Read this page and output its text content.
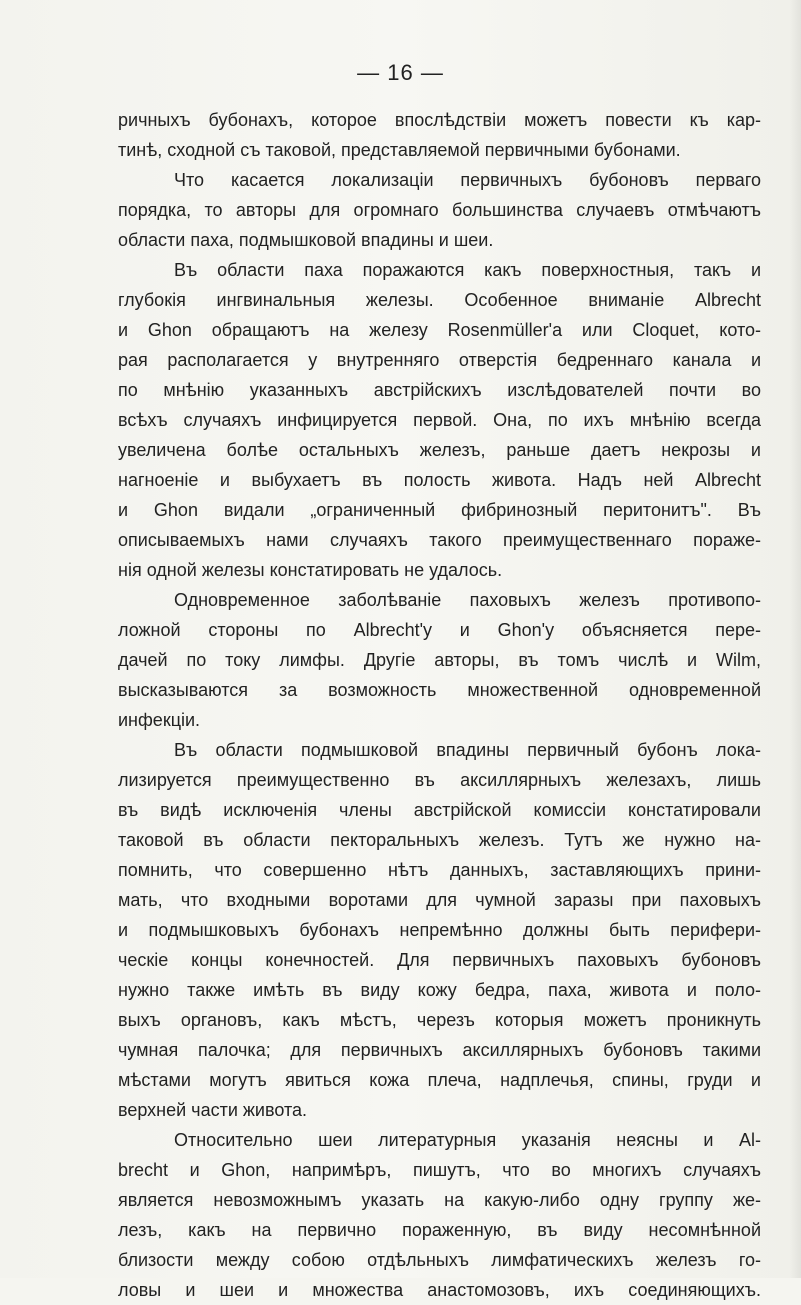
— 16 —
ричныхъ бубонахъ, которое впослѣдствіи можетъ повести къ кар-
тинѣ, сходной съ таковой, представляемой первичными бубонами.
Что касается локализаціи первичныхъ бубоновъ перваго
порядка, то авторы для огромнаго большинства случаевъ отмѣчаютъ
области паха, подмышковой впадины и шеи.
Въ области паха поражаются какъ поверхностныя, такъ и
глубокія ингвинальныя железы. Особенное вниманіе Albrecht
и Ghon обращаютъ на железу Rosenmüller'a или Cloquet, кото-
рая располагается у внутренняго отверстія бедреннаго канала и
по мнѣнію указанныхъ австрійскихъ изслѣдователей почти во
всѣхъ случаяхъ инфицируется первой. Она, по ихъ мнѣнію всегда
увеличена болѣе остальныхъ железъ, раньше даетъ некрозы и
нагноеніе и выбухаетъ въ полость живота. Надъ ней Albrecht
и Ghon видали „ограниченный фибринозный перитонитъ". Въ
описываемыхъ нами случаяхъ такого преимущественнаго пораже-
нія одной железы констатировать не удалось.
Одновременное заболѣваніе паховыхъ железъ противопо-
ложной стороны по Albrecht'y и Ghon'y объясняется пере-
дачей по току лимфы. Другіе авторы, въ томъ числѣ и Wilm,
высказываются за возможность множественной одновременной
инфекціи.
Въ области подмышковой впадины первичный бубонъ лока-
лизируется преимущественно въ аксиллярныхъ железахъ, лишь
въ видѣ исключенія члены австрійской комиссіи констатировали
таковой въ области пекторальныхъ железъ. Тутъ же нужно на-
помнить, что совершенно нѣтъ данныхъ, заставляющихъ прини-
мать, что входными воротами для чумной заразы при паховыхъ
и подмышковыхъ бубонахъ непремѣнно должны быть перифери-
ческіе концы конечностей. Для первичныхъ паховыхъ бубоновъ
нужно также имѣть въ виду кожу бедра, паха, живота и поло-
выхъ органовъ, какъ мѣстъ, черезъ которыя можетъ проникнуть
чумная палочка; для первичныхъ аксиллярныхъ бубоновъ такими
мѣстами могутъ явиться кожа плеча, надплечья, спины, груди и
верхней части живота.
Относительно шеи литературныя указанія неясны и Al-
brecht и Ghon, напримѣръ, пишутъ, что во многихъ случаяхъ
является невозможнымъ указать на какую-либо одну группу же-
лезъ, какъ на первично пораженную, въ виду несомнѣнной
близости между собою отдѣльныхъ лимфатическихъ железъ го-
ловы и шеи и множества анастомозовъ, ихъ соединяющихъ.
